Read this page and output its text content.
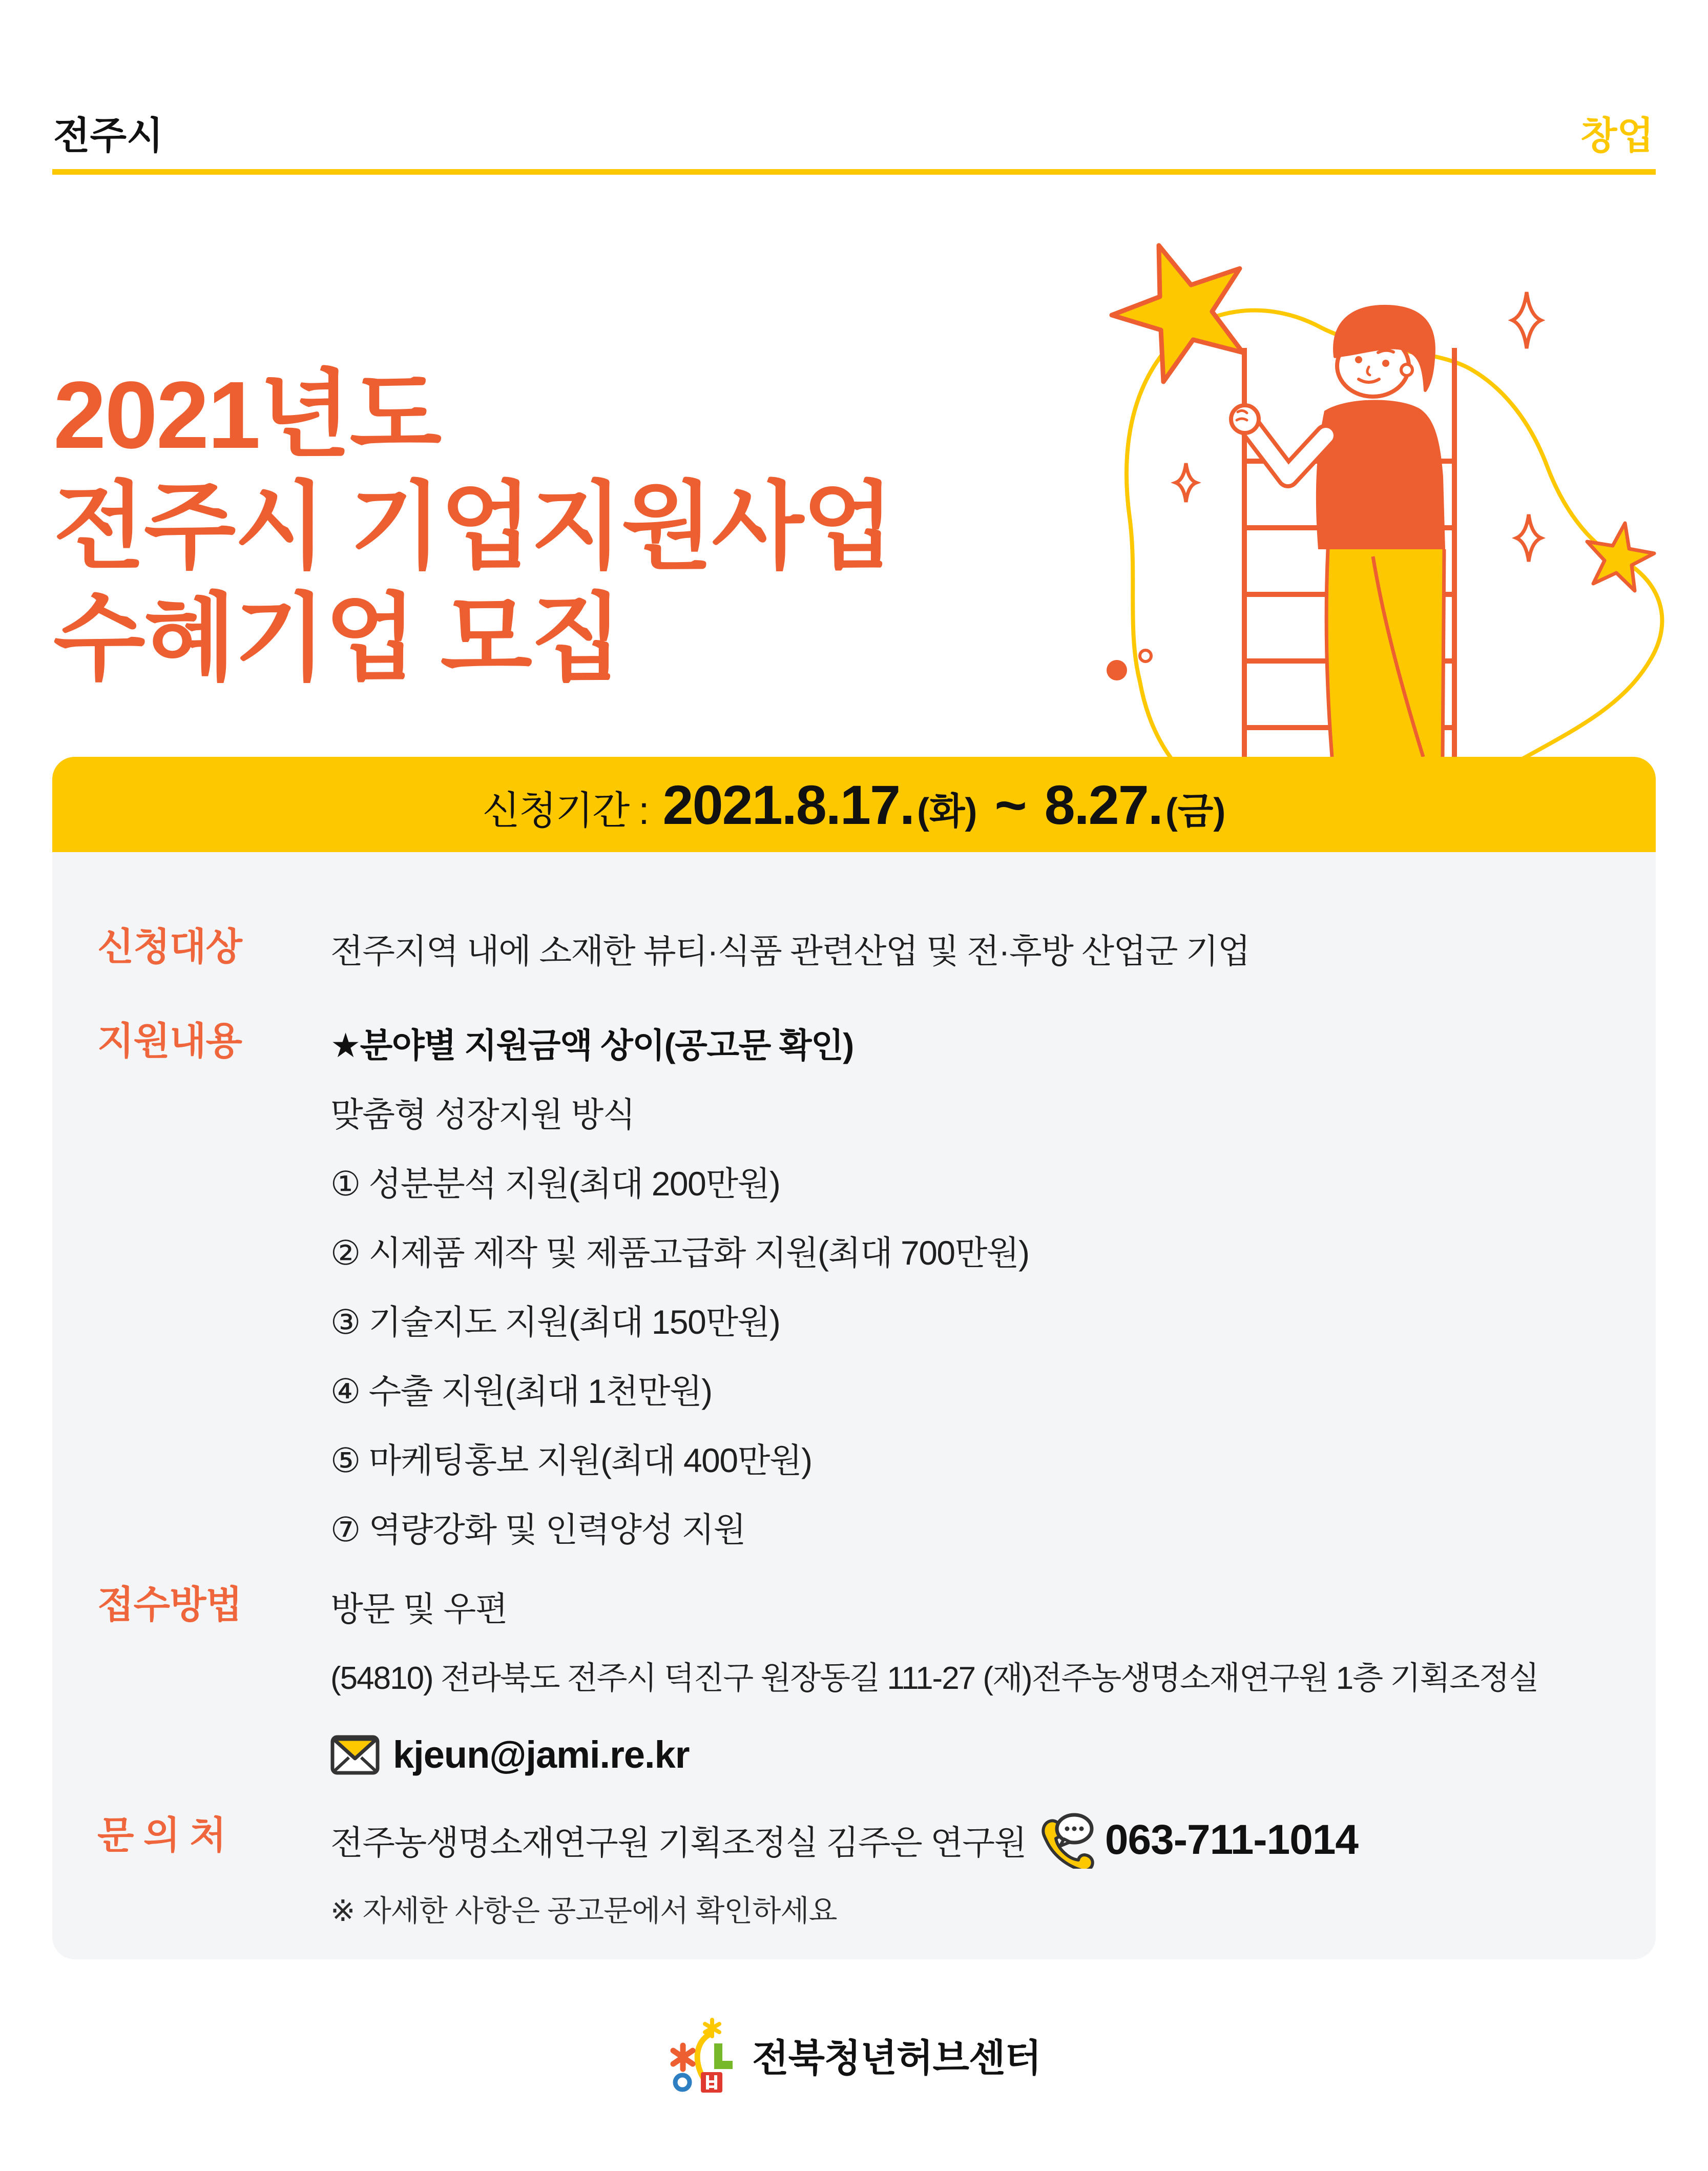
전주시	창업
2021년도
전주시 기업지원사업
수혜기업 모집
신청기간 : 2021.8.17. (화) ~ 8.27. (금)
신청대상	전주지역 내에 소재한 뷰티·식품 관련산업 및 전·후방 산업군 기업
지원내용	★분야별 지원금액 상이(공고문 확인)
맞춤형 성장지원 방식
① 성분분석 지원(최대 200만원)
② 시제품 제작 및 제품고급화 지원(최대 700만원)
③ 기술지도 지원(최대 150만원)
④ 수출 지원(최대 1천만원)
⑤ 마케팅홍보 지원(최대 400만원)
⑦ 역량강화 및 인력양성 지원
접수방법	방문 및 우편
(54810) 전라북도 전주시 덕진구 원장동길 111-27 (재)전주농생명소재연구원 1층 기획조정실
kjeun@jami.re.kr
문 의 처	전주농생명소재연구원 기획조정실 김주은 연구원 063-711-1014
※ 자세한 사항은 공고문에서 확인하세요
전북청년허브센터
